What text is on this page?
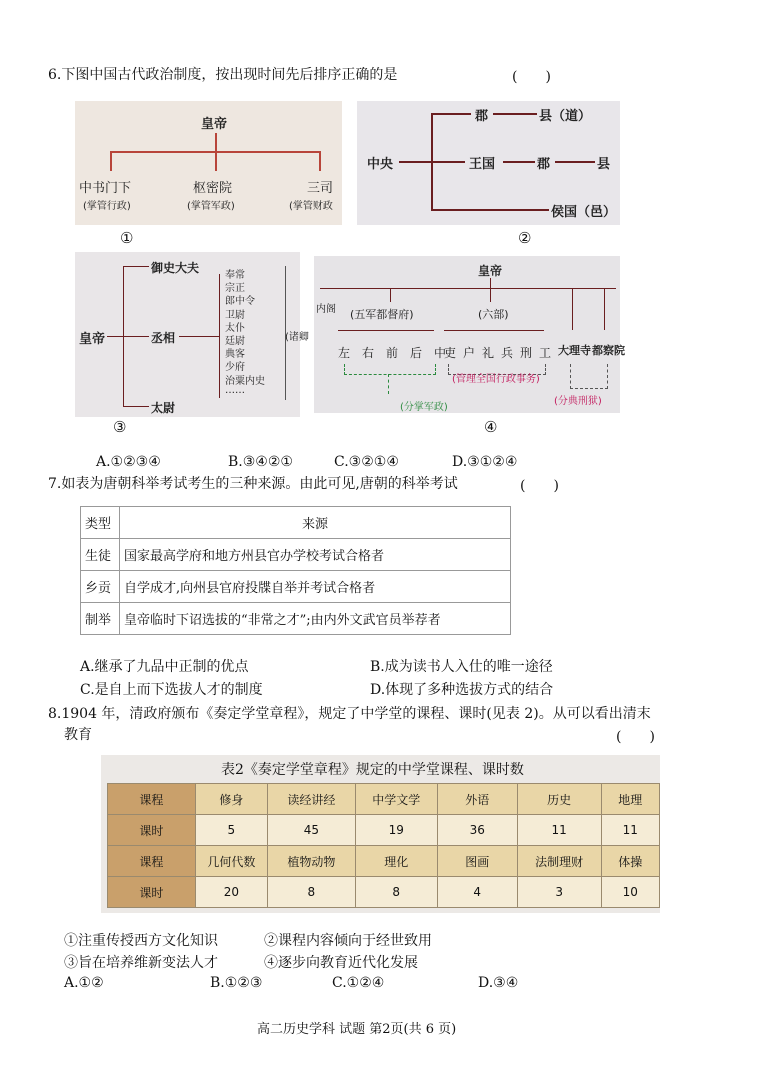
6.下图中国古代政治制度，按出现时间先后排序正确的是	(　　)
皇帝
中书门下
(掌管行政)
枢密院
(掌管军政)
三司
(掌管财政
①
中央
郡	县（道）
王国	郡	县
侯国（邑）
②
皇帝
御史大夫
丞相
太尉
奉常
宗正
郎中令
卫尉
太仆
廷尉
典客
少府
治粟内史
……
(诸卿
③
皇帝
内阁 (五军都督府)	(六部)
左 右 前 后 中
吏 户 礼 兵 刑 工 大理寺 都察院
(管理全国行政事务)
(分掌军政)
(分典刑狱)
④
A.①②③④	B.③④②①	C.③②①④	D.③①②④
7.如表为唐朝科举考试考生的三种来源。由此可见,唐朝的科举考试	(　　)
类型	来源
生徒	国家最高学府和地方州县官办学校考试合格者
乡贡	自学成才,向州县官府投牒自举并考试合格者
制举	皇帝临时下诏选拔的“非常之才”;由内外文武官员举荐者
A.继承了九品中正制的优点	B.成为读书人入仕的唯一途径
C.是自上而下选拔人才的制度	D.体现了多种选拔方式的结合
8.1904 年，清政府颁布《奏定学堂章程》，规定了中学堂的课程、课时(见表 2)。从可以看出清末
教育	(　　)
表2《奏定学堂章程》规定的中学堂课程、课时数
课程	修身	读经讲经	中学文学	外语	历史	地理
课时	5	45	19	36	11	11
课程	几何代数	植物动物	理化	图画	法制理财	体操
课时	20	8	8	4	3	10
①注重传授西方文化知识	②课程内容倾向于经世致用
③旨在培养维新变法人才	④逐步向教育近代化发展
A.①②	B.①②③	C.①②④	D.③④
高二历史学科 试题 第2页(共 6 页)
